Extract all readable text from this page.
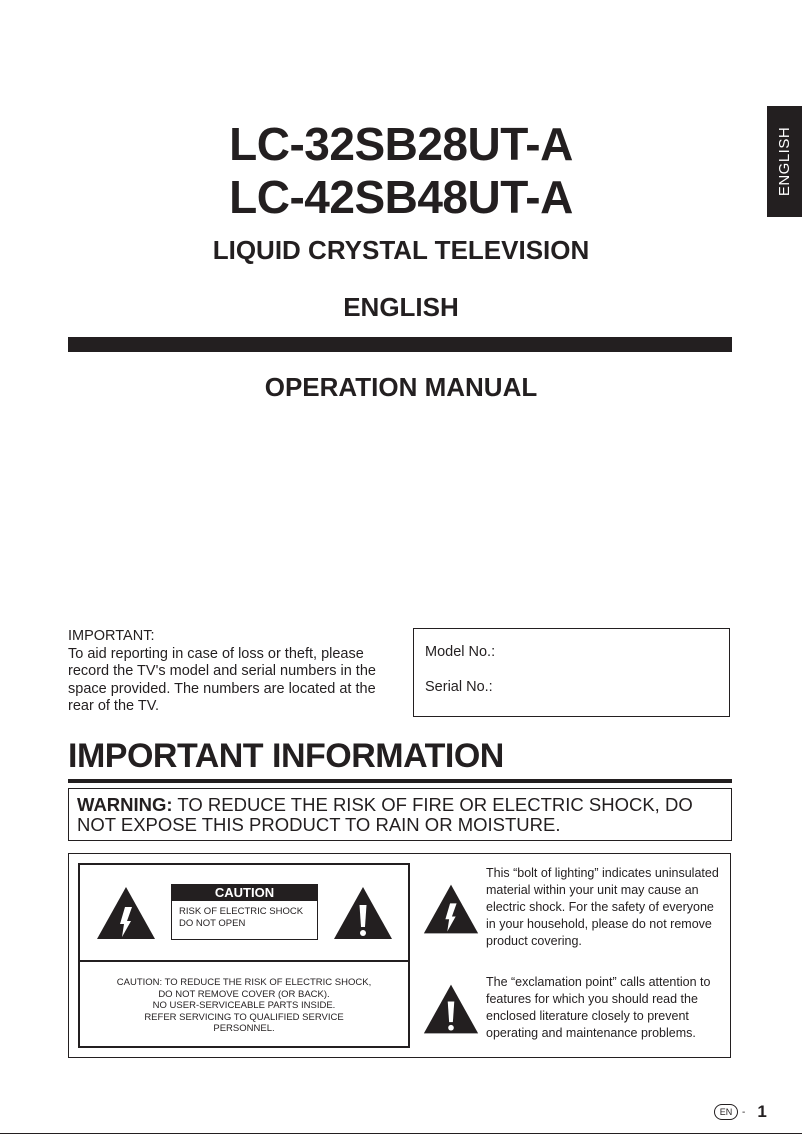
ENGLISH
LC-32SB28UT-A
LC-42SB48UT-A
LIQUID CRYSTAL TELEVISION
ENGLISH
OPERATION MANUAL
IMPORTANT:
To aid reporting in case of loss or theft, please record the TV's model and serial numbers in the space provided. The numbers are located at the rear of the TV.
Model No.:
Serial No.:
IMPORTANT INFORMATION
WARNING: TO REDUCE THE RISK OF FIRE OR ELECTRIC SHOCK, DO NOT EXPOSE THIS PRODUCT TO RAIN OR MOISTURE.
CAUTION
RISK OF ELECTRIC SHOCK
DO NOT OPEN
CAUTION: TO REDUCE THE RISK OF ELECTRIC SHOCK,
DO NOT REMOVE COVER (OR BACK).
NO USER-SERVICEABLE PARTS INSIDE.
REFER SERVICING TO QUALIFIED SERVICE
PERSONNEL.
This “bolt of lighting” indicates uninsulated material within your unit may cause an electric shock. For the safety of everyone in your household, please do not remove product covering.
The “exclamation point” calls attention to features for which you should read the enclosed literature closely to prevent operating and maintenance problems.
EN - 1
